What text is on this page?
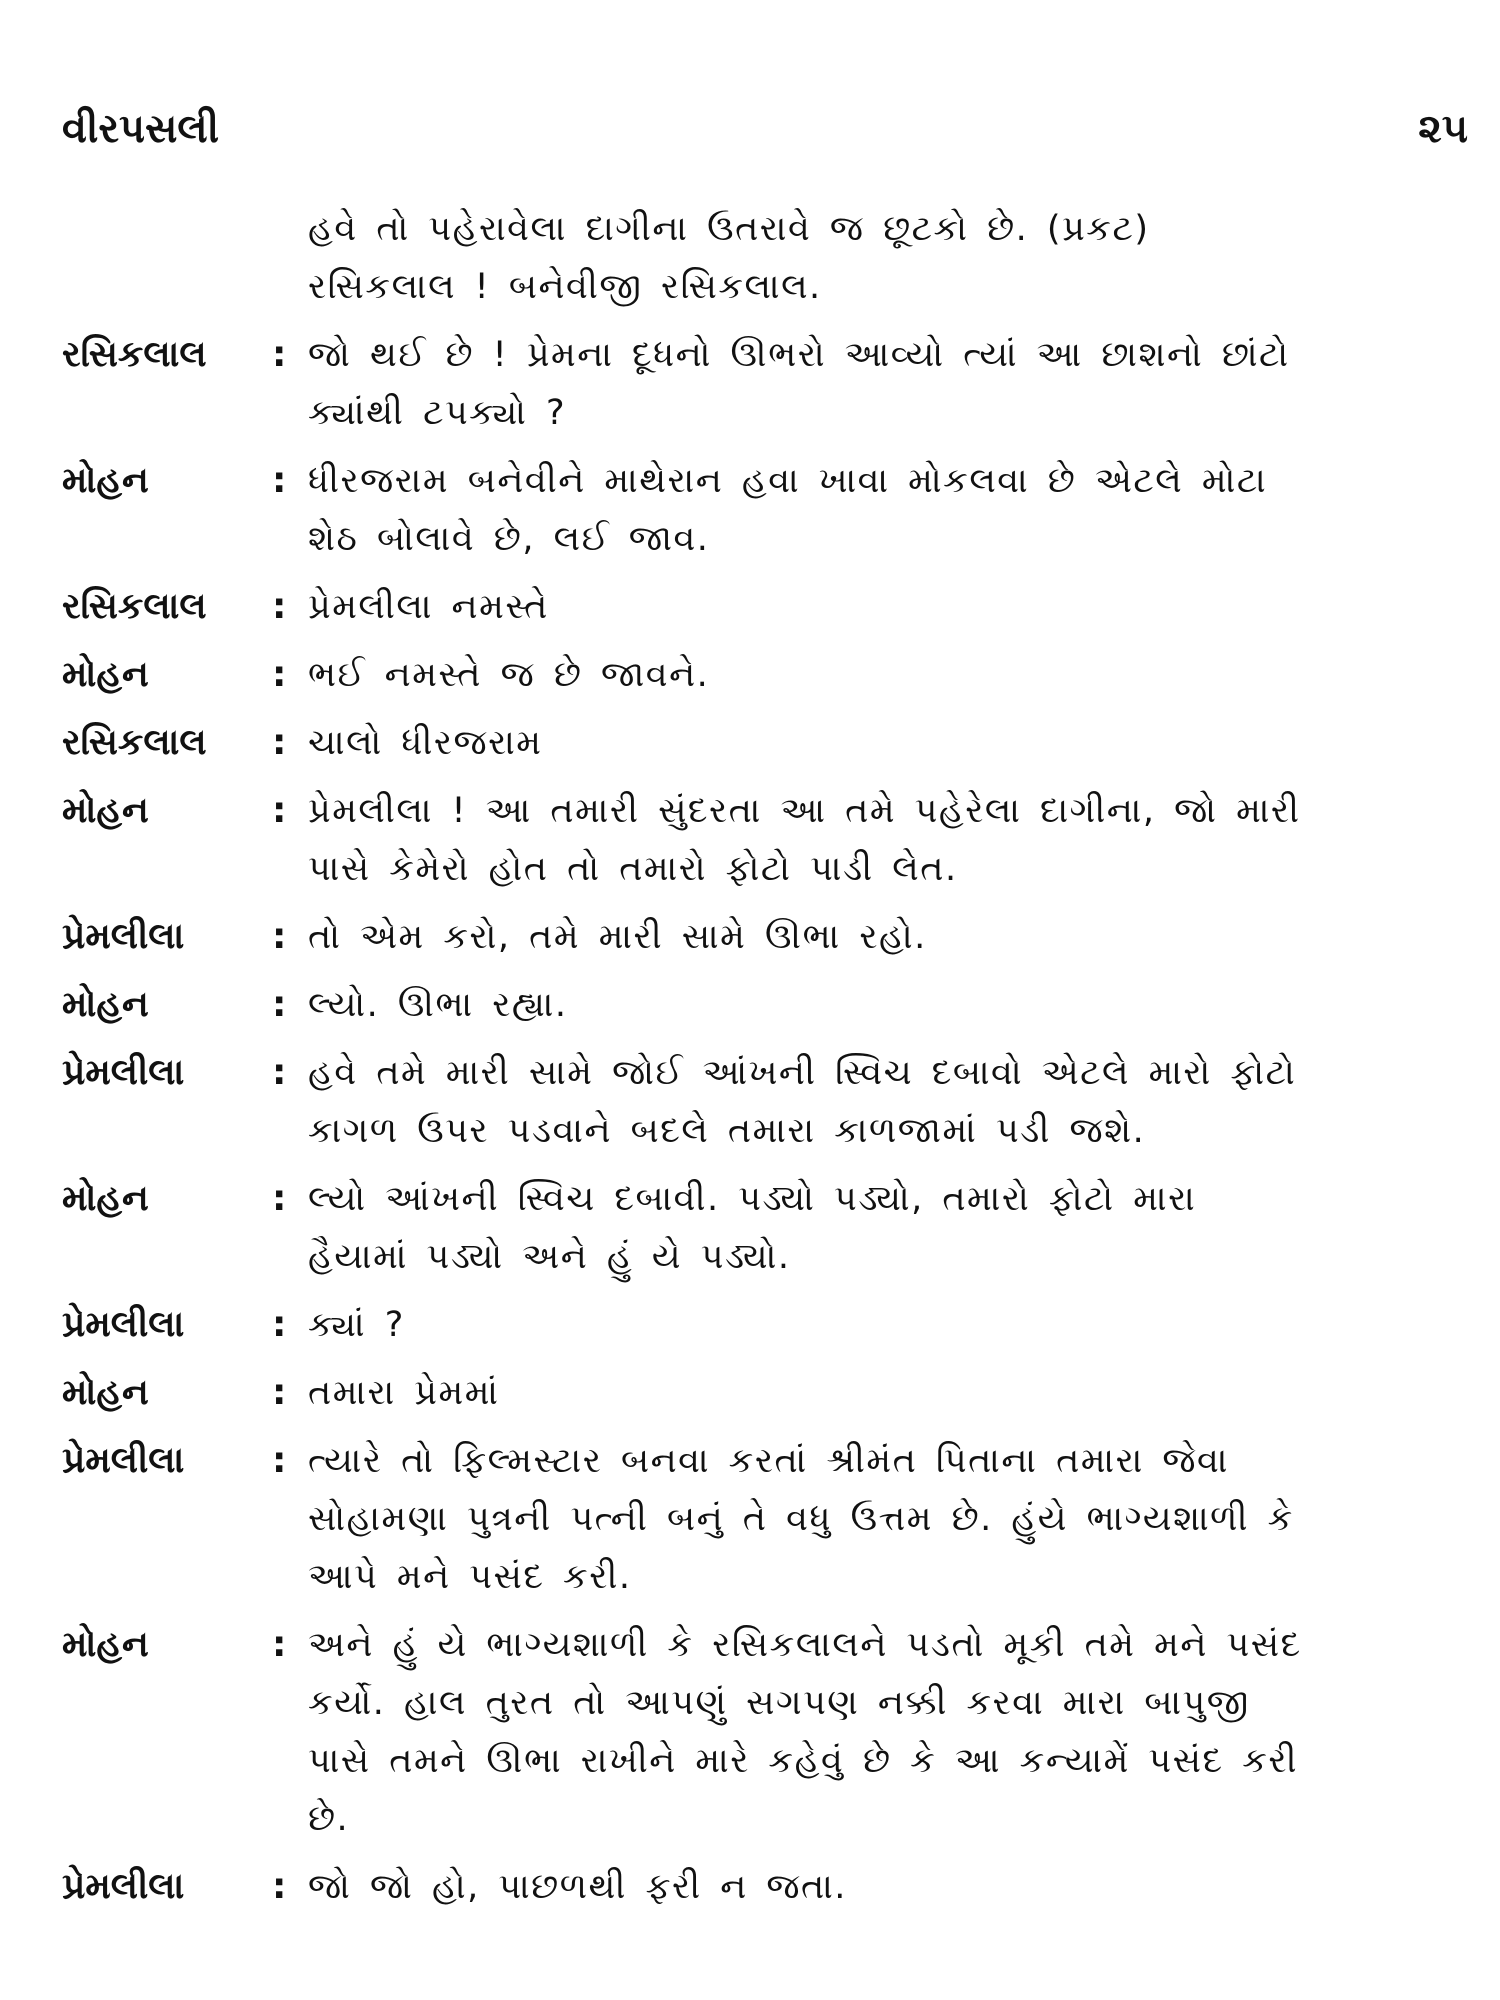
વીરપસલી	૨૫
હવે તો પહેરાવેલા દાગીના ઉતરાવે જ છૂટકો છે. (પ્રકટ)
રસિકલાલ ! બનેવીજી રસિકલાલ.
રસિકલાલ	: જો થઈ છે ! પ્રેમના દૂધનો ઊભરો આવ્યો ત્યાં આ છાશનો છાંટો
ક્યાંથી ટપક્યો ?
મોહન	: ધીરજરામ બનેવીને માથેરાન હવા ખાવા મોકલવા છે એટલે મોટા
શેઠ બોલાવે છે, લઈ જાવ.
રસિકલાલ	: પ્રેમલીલા નમસ્તે
મોહન	: ભઈ નમસ્તે જ છે જાવને.
રસિકલાલ	: ચાલો ધીરજરામ
મોહન	: પ્રેમલીલા ! આ તમારી સુંદરતા આ તમે પહેરેલા દાગીના, જો મારી
પાસે કેમેરો હોત તો તમારો ફોટો પાડી લેત.
પ્રેમલીલા	: તો એમ કરો, તમે મારી સામે ઊભા રહો.
મોહન	: લ્યો. ઊભા રહ્યા.
પ્રેમલીલા	: હવે તમે મારી સામે જોઈ આંખની સ્વિચ દબાવો એટલે મારો ફોટો
કાગળ ઉપર પડવાને બદલે તમારા કાળજામાં પડી જશે.
મોહન	: લ્યો આંખની સ્વિચ દબાવી. પડ્યો પડ્યો, તમારો ફોટો મારા
હૈયામાં પડ્યો અને હું યે પડ્યો.
પ્રેમલીલા	: ક્યાં ?
મોહન	: તમારા પ્રેમમાં
પ્રેમલીલા	: ત્યારે તો ફિલ્મસ્ટાર બનવા કરતાં શ્રીમંત પિતાના તમારા જેવા
સોહામણા પુત્રની પત્ની બનું તે વધુ ઉત્તમ છે. હુંયે ભાગ્યશાળી કે
આપે મને પસંદ કરી.
મોહન	: અને હું યે ભાગ્યશાળી કે રસિકલાલને પડતો મૂકી તમે મને પસંદ
કર્યો. હાલ તુરત તો આપણું સગપણ નક્કી કરવા મારા બાપુજી
પાસે તમને ઊભા રાખીને મારે કહેવું છે કે આ કન્યામેં પસંદ કરી
છે.
પ્રેમલીલા	: જો જો હો, પાછળથી ફરી ન જતા.
